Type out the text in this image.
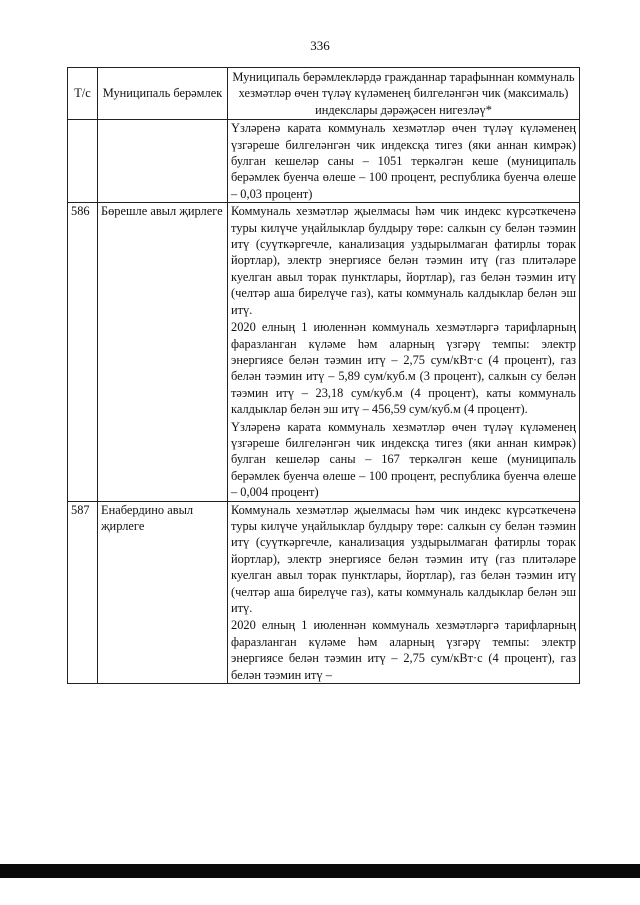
336
Т/с	Муниципаль берәмлек	Муниципаль берәмлекләрдә гражданнар тарафыннан коммуналь хезмәтләр өчен түләү күләменең билгеләнгән чик (максималь) индекслары дәрәҗәсен нигезләү*

		Үзләренә карата коммуналь хезмәтләр өчен түләү күләменең үзгәреше билгеләнгән чик индексқа тигез (яки аннан кимрәк) булган кешеләр саны – 1051 теркәлгән кеше (муниципаль берәмлек буенча өлеше – 100 процент, республика буенча өлеше – 0,03 процент)

586	Бөрешле авыл җирлеге	Коммуналь хезмәтләр җыелмасы һәм чик индекс күрсәткеченә туры килүче уңайлыклар булдыру төре: салкын су белән тәэмин итү (суүткәргечле, канализация уздырылмаган фатирлы торак йортлар), электр энергиясе белән тәэмин итү (газ плитәләре куелган авыл торак пунктлары, йортлар), газ белән тәэмин итү (челтәр аша бирелүче газ), каты коммуналь калдыклар белән эш итү.
2020 елның 1 июленнән коммуналь хезмәтләргә тарифларның фаразланган күләме һәм аларның үзгәрү темпы: электр энергиясе белән тәэмин итү – 2,75 сум/кВт·с (4 процент), газ белән тәэмин итү – 5,89 сум/куб.м (3 процент), салкын су белән тәэмин итү – 23,18 сум/куб.м (4 процент), каты коммуналь калдыклар белән эш итү – 456,59 сум/куб.м (4 процент).
Үзләренә карата коммуналь хезмәтләр өчен түләү күләменең үзгәреше билгеләнгән чик индексқа тигез (яки аннан кимрәк) булган кешеләр саны – 167 теркәлгән кеше (муниципаль берәмлек буенча өлеше – 100 процент, республика буенча өлеше – 0,004 процент)

587	Енабердино авыл җирлеге	Коммуналь хезмәтләр җыелмасы һәм чик индекс күрсәткеченә туры килүче уңайлыклар булдыру төре: салкын су белән тәэмин итү (суүткәргечле, канализация уздырылмаган фатирлы торак йортлар), электр энергиясе белән тәэмин итү (газ плитәләре куелган авыл торак пунктлары, йортлар), газ белән тәэмин итү (челтәр аша бирелүче газ), каты коммуналь калдыклар белән эш итү.
2020 елның 1 июленнән коммуналь хезмәтләргә тарифларның фаразланган күләме һәм аларның үзгәрү темпы: электр энергиясе белән тәэмин итү – 2,75 сум/кВт·с (4 процент), газ белән тәэмин итү –
